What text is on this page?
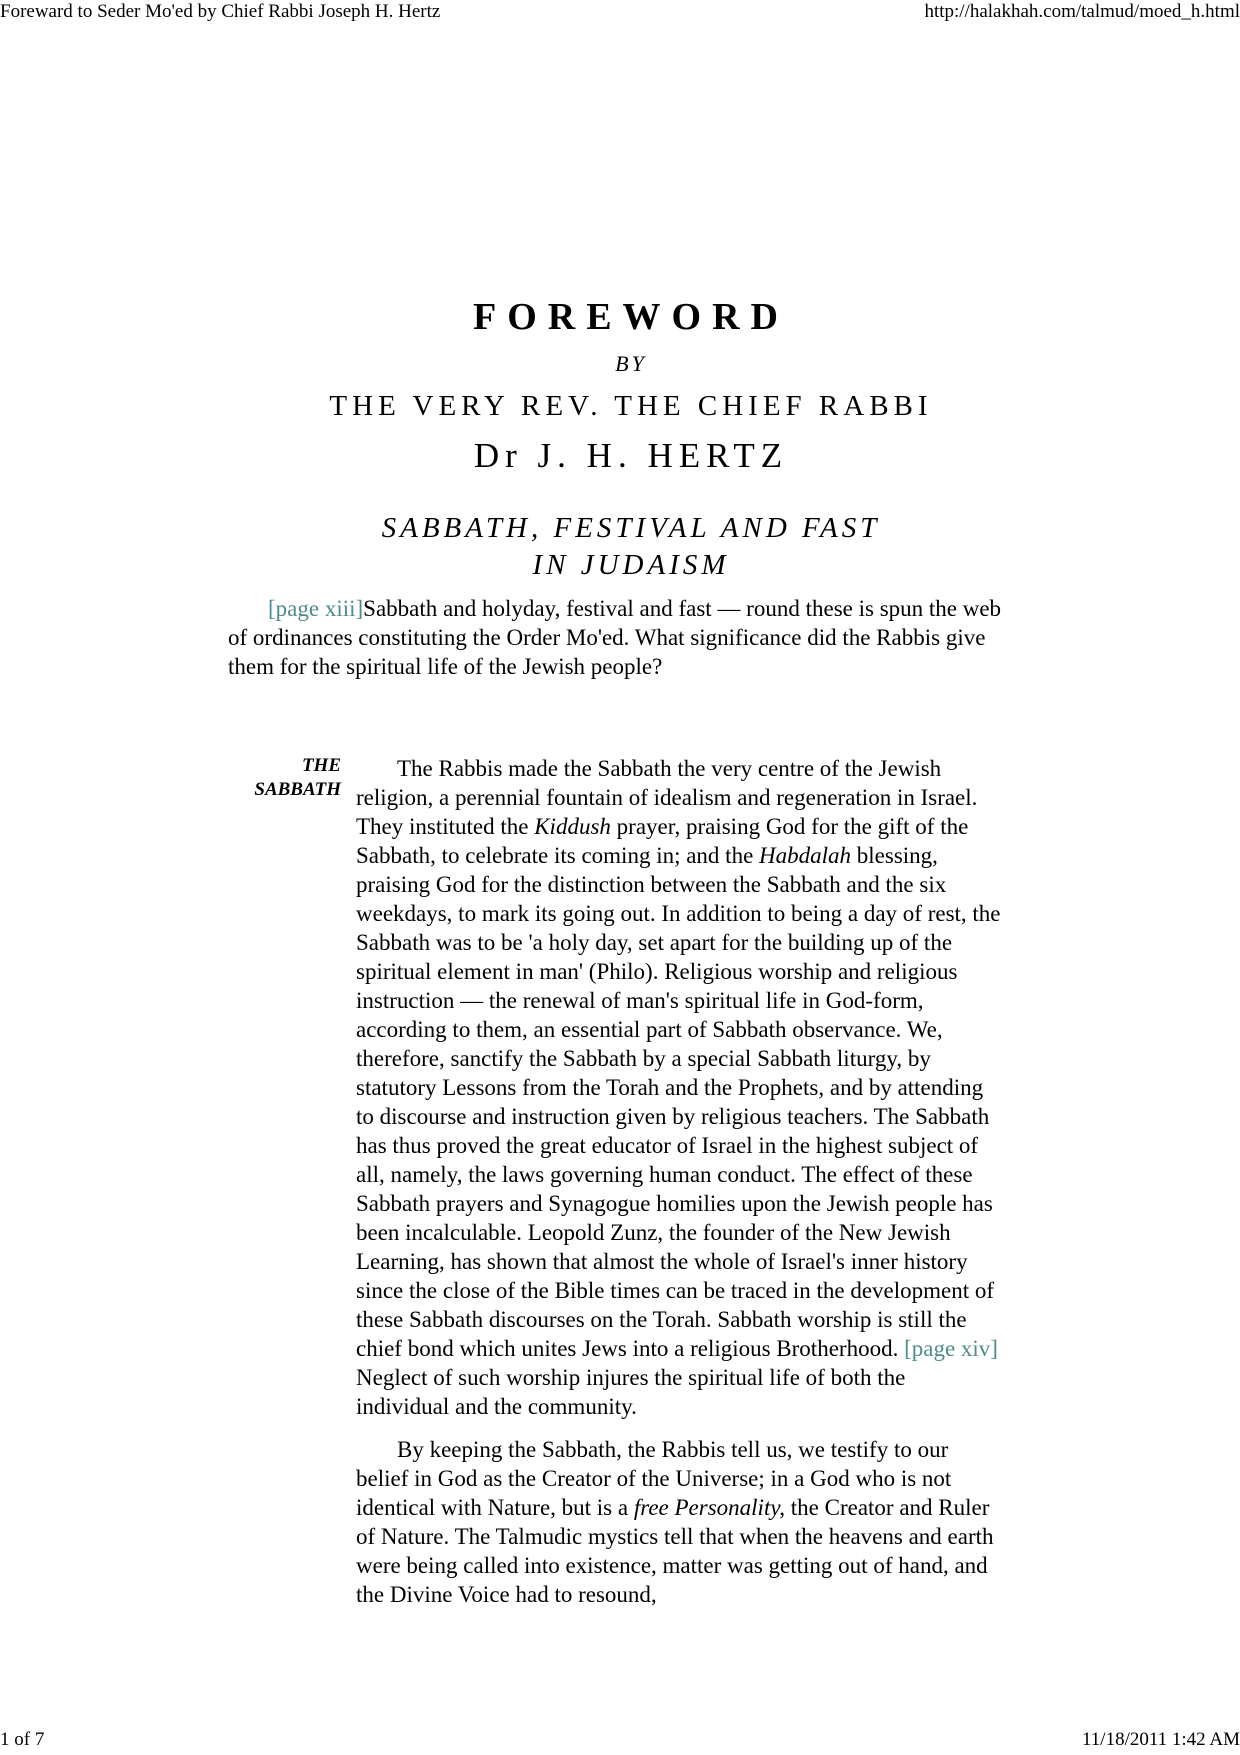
Foreward to Seder Mo'ed by Chief Rabbi Joseph H. Hertz	http://halakhah.com/talmud/moed_h.html
FOREWORD
BY
THE VERY REV. THE CHIEF RABBI
Dr J. H. HERTZ
SABBATH, FESTIVAL AND FAST
IN JUDAISM
[page xiii]Sabbath and holyday, festival and fast — round these is spun the web of ordinances constituting the Order Mo'ed. What significance did the Rabbis give them for the spiritual life of the Jewish people?
THE
SABBATH

The Rabbis made the Sabbath the very centre of the Jewish religion, a perennial fountain of idealism and regeneration in Israel. They instituted the Kiddush prayer, praising God for the gift of the Sabbath, to celebrate its coming in; and the Habdalah blessing, praising God for the distinction between the Sabbath and the six weekdays, to mark its going out. In addition to being a day of rest, the Sabbath was to be 'a holy day, set apart for the building up of the spiritual element in man' (Philo). Religious worship and religious instruction — the renewal of man's spiritual life in God-form, according to them, an essential part of Sabbath observance. We, therefore, sanctify the Sabbath by a special Sabbath liturgy, by statutory Lessons from the Torah and the Prophets, and by attending to discourse and instruction given by religious teachers. The Sabbath has thus proved the great educator of Israel in the highest subject of all, namely, the laws governing human conduct. The effect of these Sabbath prayers and Synagogue homilies upon the Jewish people has been incalculable. Leopold Zunz, the founder of the New Jewish Learning, has shown that almost the whole of Israel's inner history since the close of the Bible times can be traced in the development of these Sabbath discourses on the Torah. Sabbath worship is still the chief bond which unites Jews into a religious Brotherhood. [page xiv] Neglect of such worship injures the spiritual life of both the individual and the community.

By keeping the Sabbath, the Rabbis tell us, we testify to our belief in God as the Creator of the Universe; in a God who is not identical with Nature, but is a free Personality, the Creator and Ruler of Nature. The Talmudic mystics tell that when the heavens and earth were being called into existence, matter was getting out of hand, and the Divine Voice had to resound,

1 of 7	11/18/2011 1:42 AM
